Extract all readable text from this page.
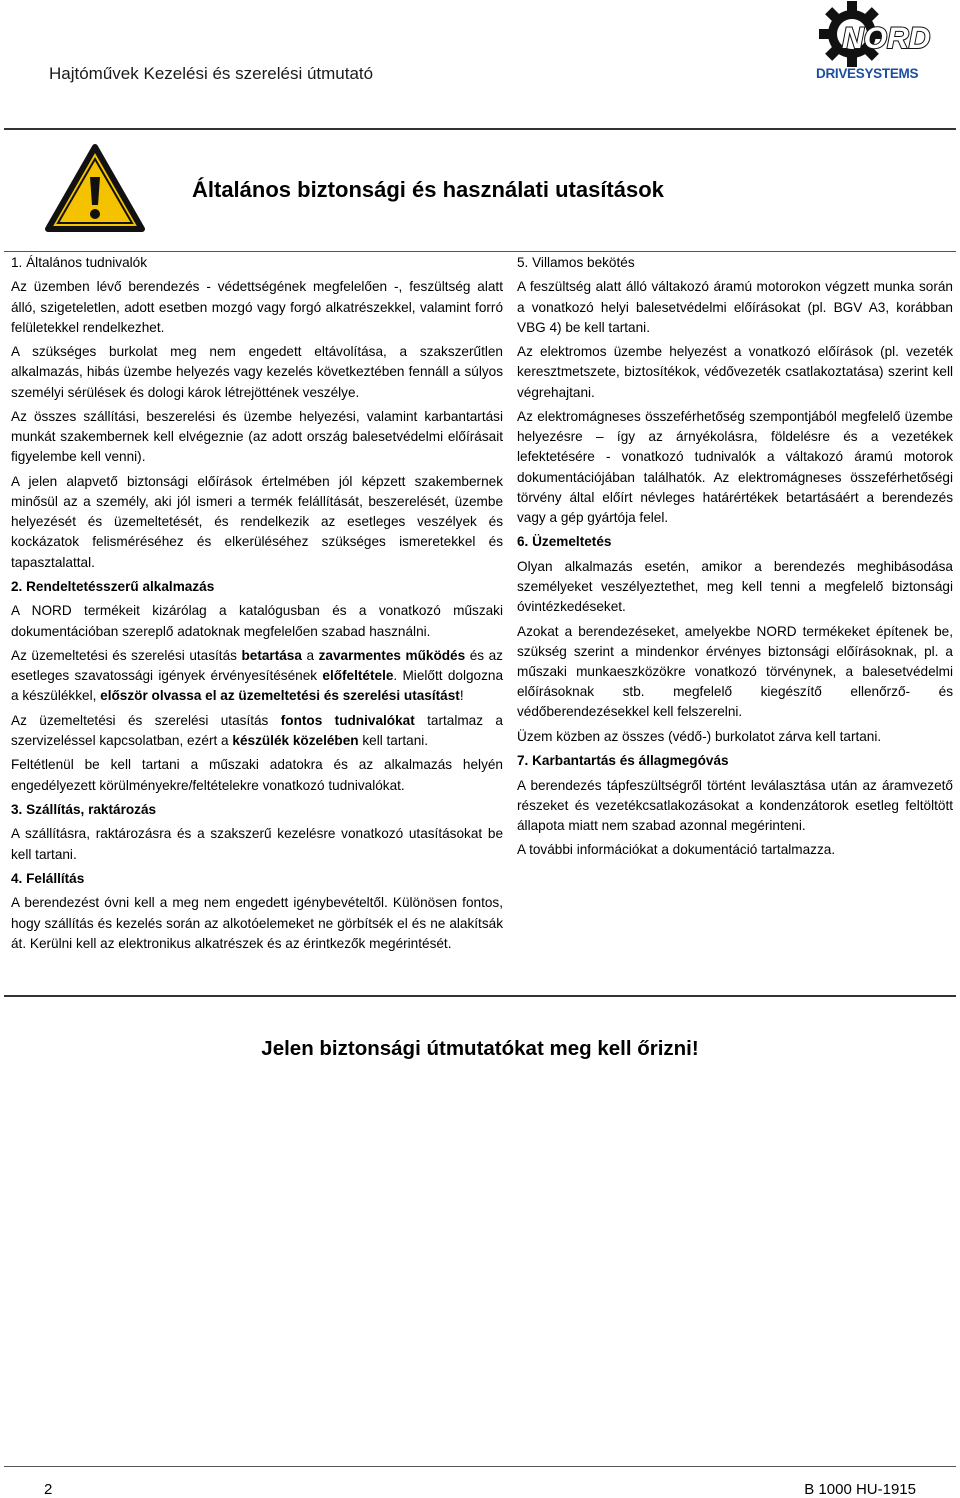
Hajtóművek Kezelési és szerelési útmutató
NORD
DRIVESYSTEMS
Általános biztonsági és használati utasítások
1. Általános tudnivalók

Az üzemben lévő berendezés - védettségének megfelelően -, feszültség alatt álló, szigeteletlen, adott esetben mozgó vagy forgó alkatrészekkel, valamint forró felületekkel rendelkezhet.

A szükséges burkolat meg nem engedett eltávolítása, a szakszerűtlen alkalmazás, hibás üzembe helyezés vagy kezelés következtében fennáll a súlyos személyi sérülések és dologi károk létrejöttének veszélye.

Az összes szállítási, beszerelési és üzembe helyezési, valamint karbantartási munkát szakembernek kell elvégeznie (az adott ország balesetvédelmi előírásait figyelembe kell venni).

A jelen alapvető biztonsági előírások értelmében jól képzett szakembernek minősül az a személy, aki jól ismeri a termék felállítását, beszerelését, üzembe helyezését és üzemeltetését, és rendelkezik az esetleges veszélyek és kockázatok felisméréséhez és elkerüléséhez szükséges ismeretekkel és tapasztalattal.

2. Rendeltetésszerű alkalmazás

A NORD termékeit kizárólag a katalógusban és a vonatkozó műszaki dokumentációban szereplő adatoknak megfelelően szabad használni.

Az üzemeltetési és szerelési utasítás betartása a zavarmentes működés és az esetleges szavatossági igények érvényesítésének előfeltétele. Mielőtt dolgozna a készülékkel, először olvassa el az üzemeltetési és szerelési utasítást!

Az üzemeltetési és szerelési utasítás fontos tudnivalókat tartalmaz a szervizeléssel kapcsolatban, ezért a készülék közelében kell tartani.

Feltétlenül be kell tartani a műszaki adatokra és az alkalmazás helyén engedélyezett körülményekre/feltételekre vonatkozó tudnivalókat.

3. Szállítás, raktározás

A szállításra, raktározásra és a szakszerű kezelésre vonatkozó utasításokat be kell tartani.

4. Felállítás

A berendezést óvni kell a meg nem engedett igénybevételtől. Különösen fontos, hogy szállítás és kezelés során az alkotóelemeket ne görbítsék el és ne alakítsák át. Kerülni kell az elektronikus alkatrészek és az érintkezők megérintését.

5. Villamos bekötés

A feszültség alatt álló váltakozó áramú motorokon végzett munka során a vonatkozó helyi balesetvédelmi előírásokat (pl. BGV A3, korábban VBG 4) be kell tartani.

Az elektromos üzembe helyezést a vonatkozó előírások (pl. vezeték keresztmetszete, biztosítékok, védővezeték csatlakoztatása) szerint kell végrehajtani.

Az elektromágneses összeférhetőség szempontjából megfelelő üzembe helyezésre – így az árnyékolásra, földelésre és a vezetékek lefektetésére - vonatkozó tudnivalók a váltakozó áramú motorok dokumentációjában találhatók. Az elektromágneses összeférhetőségi törvény által előírt névleges határértékek betartásáért a berendezés vagy a gép gyártója felel.

6. Üzemeltetés

Olyan alkalmazás esetén, amikor a berendezés meghibásodása személyeket veszélyeztethet, meg kell tenni a megfelelő biztonsági óvintézkedéseket.

Azokat a berendezéseket, amelyekbe NORD termékeket építenek be, szükség szerint a mindenkor érvényes biztonsági előírásoknak, pl. a műszaki munkaeszközökre vonatkozó törvénynek, a balesetvédelmi előírásoknak stb. megfelelő kiegészítő ellenőrző- és védőberendezésekkel kell felszerelni.

Üzem közben az összes (védő-) burkolatot zárva kell tartani.

7. Karbantartás és állagmegóvás

A berendezés tápfeszültségről történt leválasztása után az áramvezető részeket és vezetékcsatlakozásokat a kondenzátorok esetleg feltöltött állapota miatt nem szabad azonnal megérinteni.

A további információkat a dokumentáció tartalmazza.

Jelen biztonsági útmutatókat meg kell őrizni!
2	B 1000 HU-1915
